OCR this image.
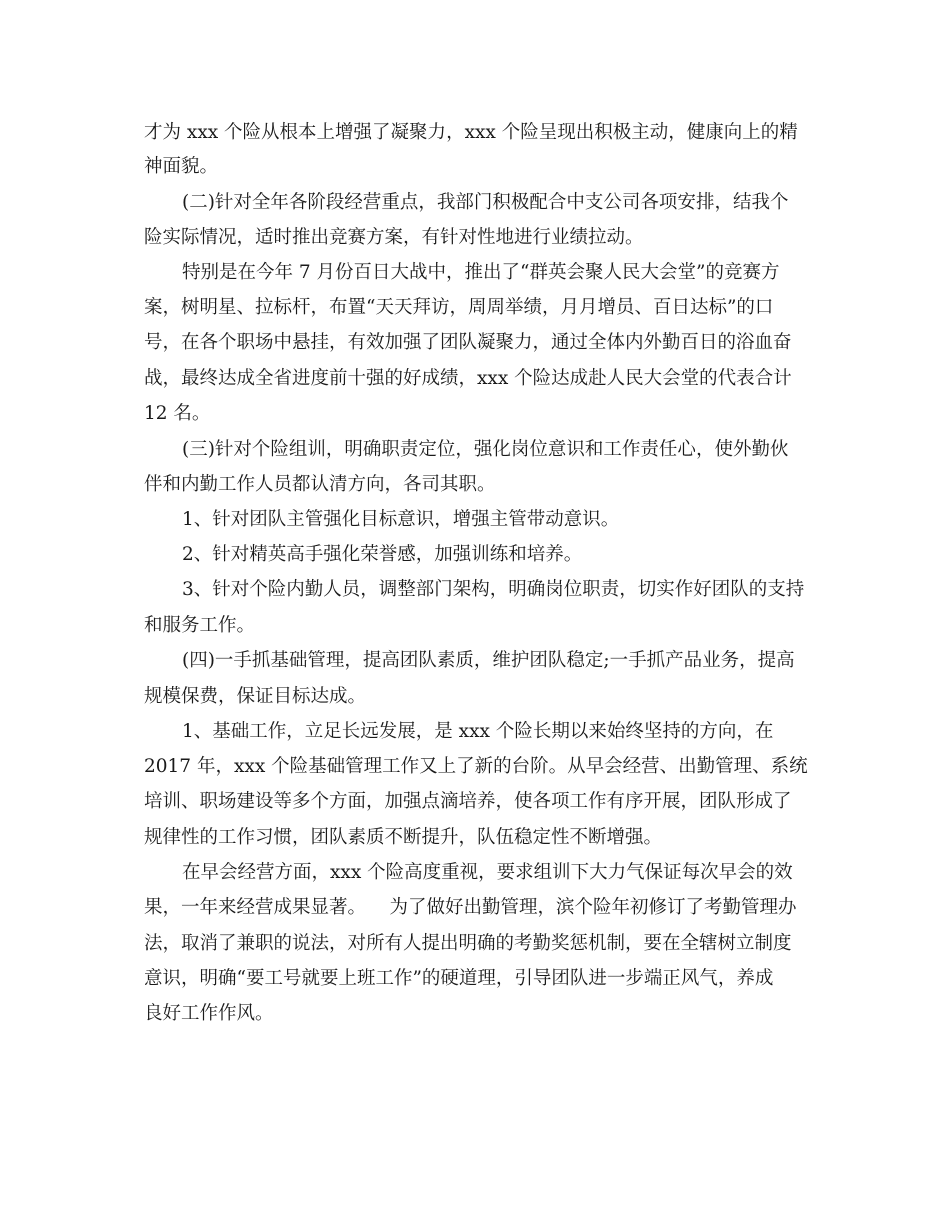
才为 xxx 个险从根本上增强了凝聚力，xxx 个险呈现出积极主动，健康向上的精
神面貌。
(二)针对全年各阶段经营重点，我部门积极配合中支公司各项安排，结我个
险实际情况，适时推出竞赛方案，有针对性地进行业绩拉动。
特别是在今年 7 月份百日大战中，推出了“群英会聚人民大会堂”的竞赛方
案，树明星、拉标杆，布置“天天拜访，周周举绩，月月增员、百日达标”的口
号，在各个职场中悬挂，有效加强了团队凝聚力，通过全体内外勤百日的浴血奋
战，最终达成全省进度前十强的好成绩，xxx 个险达成赴人民大会堂的代表合计
12 名。
(三)针对个险组训，明确职责定位，强化岗位意识和工作责任心，使外勤伙
伴和内勤工作人员都认清方向，各司其职。
1、针对团队主管强化目标意识，增强主管带动意识。
2、针对精英高手强化荣誉感，加强训练和培养。
3、针对个险内勤人员，调整部门架构，明确岗位职责，切实作好团队的支持
和服务工作。
(四)一手抓基础管理，提高团队素质，维护团队稳定;一手抓产品业务，提高
规模保费，保证目标达成。
1、基础工作，立足长远发展，是 xxx 个险长期以来始终坚持的方向，在
2017 年，xxx 个险基础管理工作又上了新的台阶。从早会经营、出勤管理、系统
培训、职场建设等多个方面，加强点滴培养，使各项工作有序开展，团队形成了
规律性的工作习惯，团队素质不断提升，队伍稳定性不断增强。
在早会经营方面，xxx 个险高度重视，要求组训下大力气保证每次早会的效
果，一年来经营成果显著。    为了做好出勤管理，滨个险年初修订了考勤管理办
法，取消了兼职的说法，对所有人提出明确的考勤奖惩机制，要在全辖树立制度
意识，明确“要工号就要上班工作”的硬道理，引导团队进一步端正风气，养成
良好工作作风。
